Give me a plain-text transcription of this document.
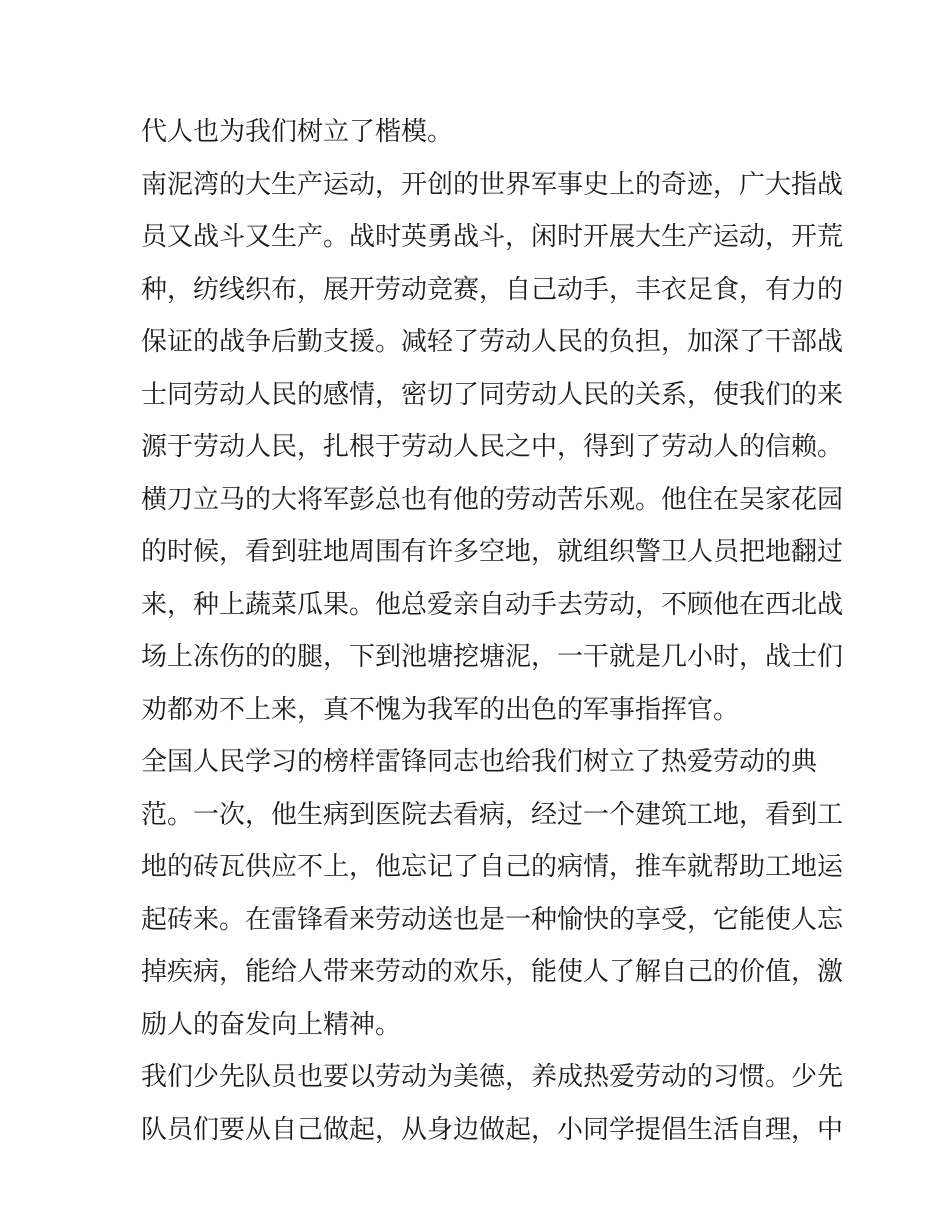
代人也为我们树立了楷模。
南泥湾的大生产运动，开创的世界军事史上的奇迹，广大指战
员又战斗又生产。战时英勇战斗，闲时开展大生产运动，开荒
种，纺线织布，展开劳动竞赛，自己动手，丰衣足食，有力的
保证的战争后勤支援。减轻了劳动人民的负担，加深了干部战
士同劳动人民的感情，密切了同劳动人民的关系，使我们的来
源于劳动人民，扎根于劳动人民之中，得到了劳动人的信赖。
横刀立马的大将军彭总也有他的劳动苦乐观。他住在吴家花园
的时候，看到驻地周围有许多空地，就组织警卫人员把地翻过
来，种上蔬菜瓜果。他总爱亲自动手去劳动，不顾他在西北战
场上冻伤的的腿，下到池塘挖塘泥，一干就是几小时，战士们
劝都劝不上来，真不愧为我军的出色的军事指挥官。
全国人民学习的榜样雷锋同志也给我们树立了热爱劳动的典
范。一次，他生病到医院去看病，经过一个建筑工地，看到工
地的砖瓦供应不上，他忘记了自己的病情，推车就帮助工地运
起砖来。在雷锋看来劳动送也是一种愉快的享受，它能使人忘
掉疾病，能给人带来劳动的欢乐，能使人了解自己的价值，激
励人的奋发向上精神。
我们少先队员也要以劳动为美德，养成热爱劳动的习惯。少先
队员们要从自己做起，从身边做起，小同学提倡生活自理，中
